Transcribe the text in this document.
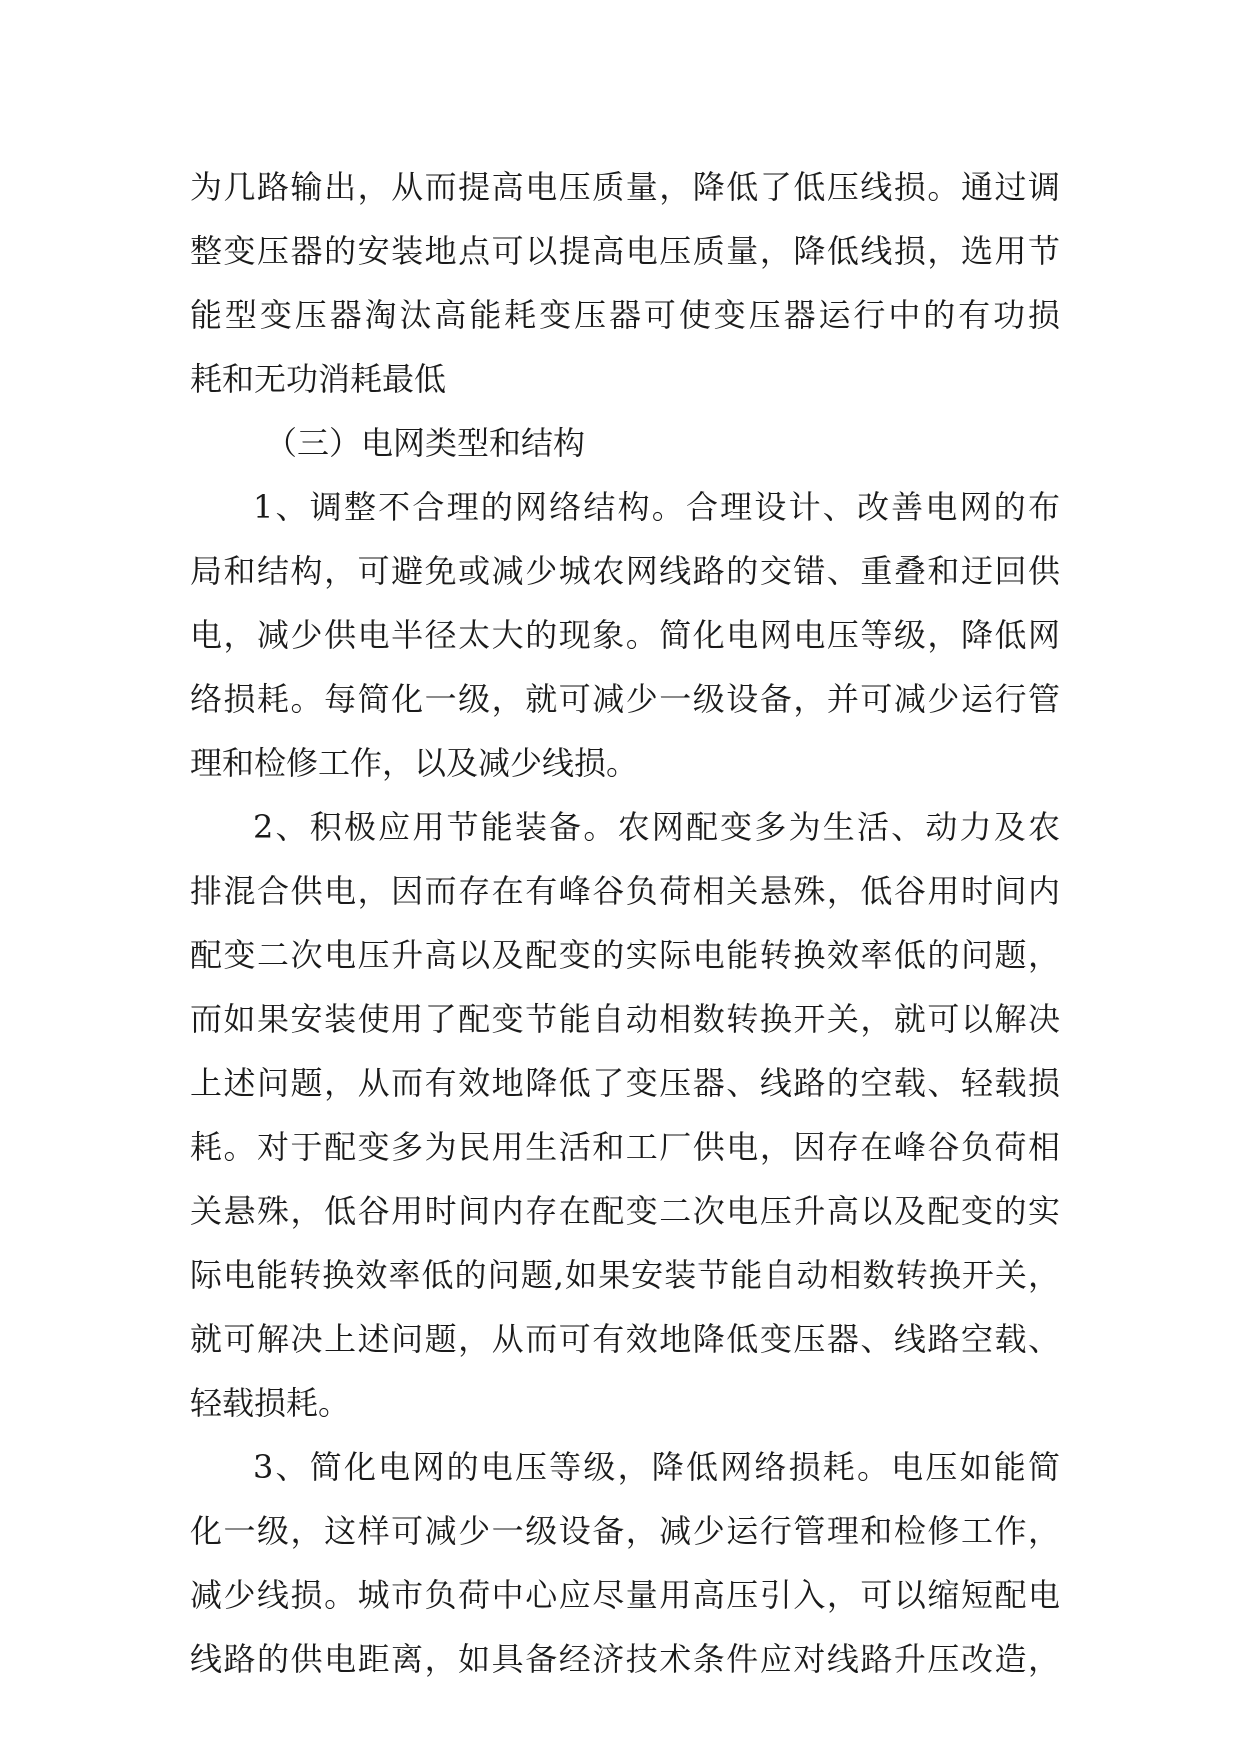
为几路输出，从而提高电压质量，降低了低压线损。通过调
整变压器的安装地点可以提高电压质量，降低线损，选用节
能型变压器淘汰高能耗变压器可使变压器运行中的有功损
耗和无功消耗最低
（三）电网类型和结构
1、调整不合理的网络结构。合理设计、改善电网的布
局和结构，可避免或减少城农网线路的交错、重叠和迂回供
电，减少供电半径太大的现象。简化电网电压等级，降低网
络损耗。每简化一级，就可减少一级设备，并可减少运行管
理和检修工作，以及减少线损。
2、积极应用节能装备。农网配变多为生活、动力及农
排混合供电，因而存在有峰谷负荷相关悬殊，低谷用时间内
配变二次电压升高以及配变的实际电能转换效率低的问题，
而如果安装使用了配变节能自动相数转换开关，就可以解决
上述问题，从而有效地降低了变压器、线路的空载、轻载损
耗。对于配变多为民用生活和工厂供电，因存在峰谷负荷相
关悬殊，低谷用时间内存在配变二次电压升高以及配变的实
际电能转换效率低的问题,如果安装节能自动相数转换开关，
就可解决上述问题，从而可有效地降低变压器、线路空载、
轻载损耗。
3、简化电网的电压等级，降低网络损耗。电压如能简
化一级，这样可减少一级设备，减少运行管理和检修工作，
减少线损。城市负荷中心应尽量用高压引入，可以缩短配电
线路的供电距离，如具备经济技术条件应对线路升压改造，
